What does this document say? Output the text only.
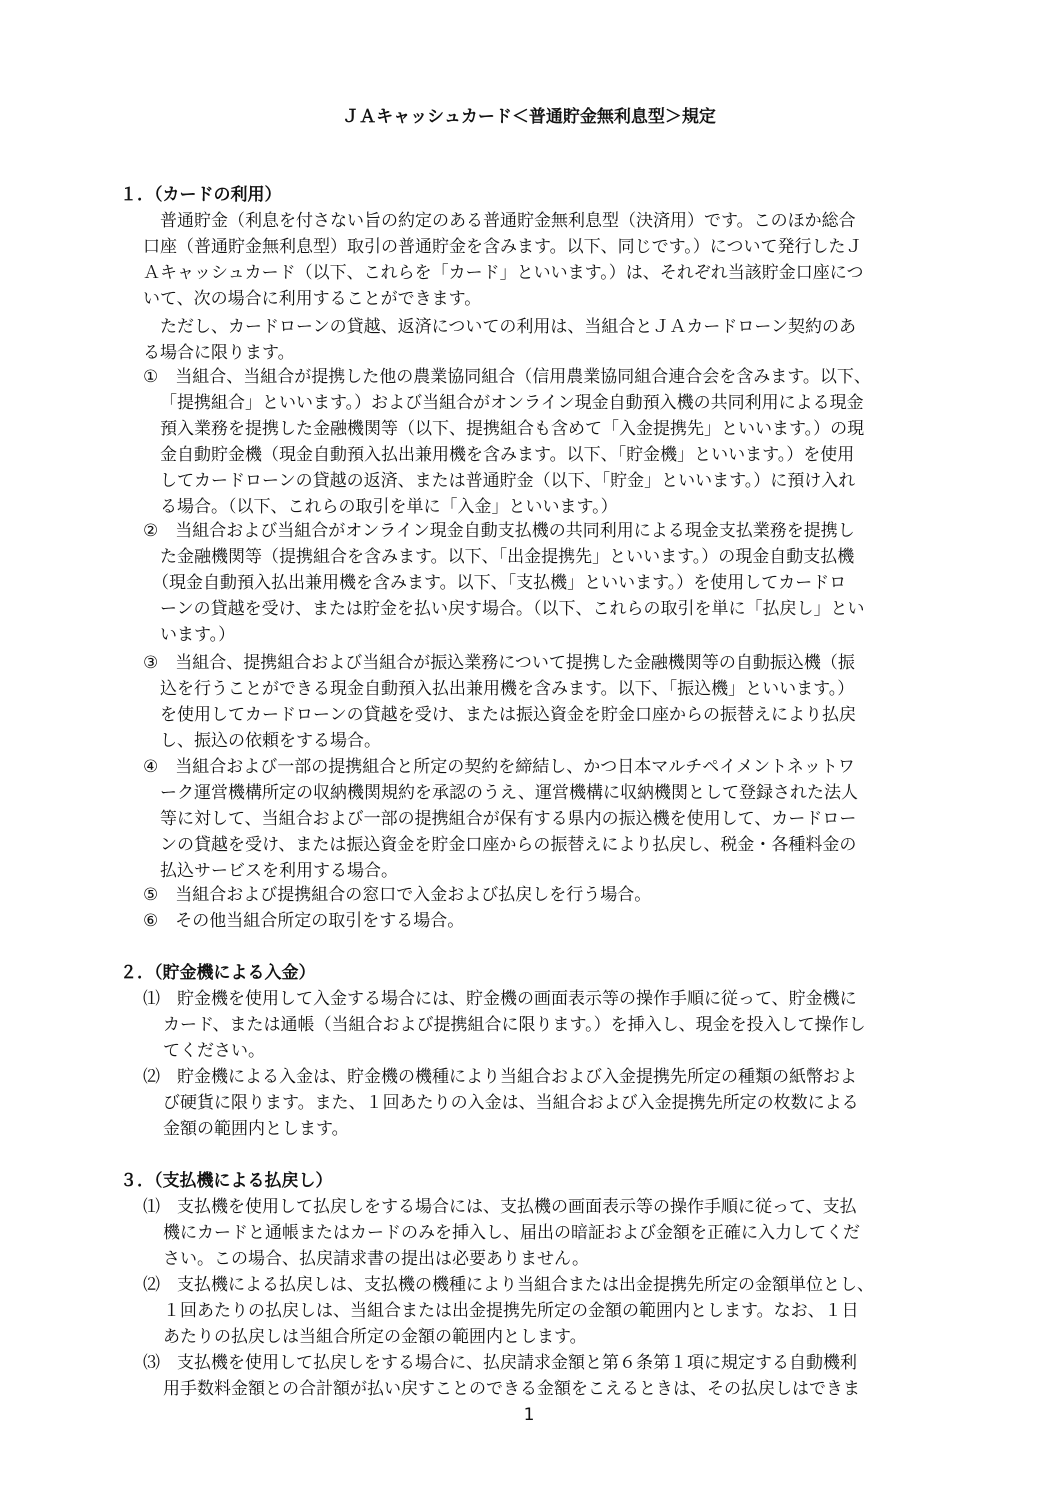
ＪＡキャッシュカード＜普通貯金無利息型＞規定
１．（カードの利用）
普通貯金（利息を付さない旨の約定のある普通貯金無利息型（決済用）です。このほか総合
口座（普通貯金無利息型）取引の普通貯金を含みます。以下、同じです。）について発行したＪ
Ａキャッシュカード（以下、これらを「カード」といいます。）は、それぞれ当該貯金口座につ
いて、次の場合に利用することができます。
ただし、カードローンの貸越、返済についての利用は、当組合とＪＡカードローン契約のあ
る場合に限ります。
①　当組合、当組合が提携した他の農業協同組合（信用農業協同組合連合会を含みます。以下、
「提携組合」といいます。）および当組合がオンライン現金自動預入機の共同利用による現金
預入業務を提携した金融機関等（以下、提携組合も含めて「入金提携先」といいます。）の現
金自動貯金機（現金自動預入払出兼用機を含みます。以下、「貯金機」といいます。）を使用
してカードローンの貸越の返済、または普通貯金（以下、「貯金」といいます。）に預け入れ
る場合。（以下、これらの取引を単に「入金」といいます。）
②　当組合および当組合がオンライン現金自動支払機の共同利用による現金支払業務を提携し
た金融機関等（提携組合を含みます。以下、「出金提携先」といいます。）の現金自動支払機
（現金自動預入払出兼用機を含みます。以下、「支払機」といいます。）を使用してカードロ
ーンの貸越を受け、または貯金を払い戻す場合。（以下、これらの取引を単に「払戻し」とい
います。）
③　当組合、提携組合および当組合が振込業務について提携した金融機関等の自動振込機（振
込を行うことができる現金自動預入払出兼用機を含みます。以下、「振込機」といいます。）
を使用してカードローンの貸越を受け、または振込資金を貯金口座からの振替えにより払戻
し、振込の依頼をする場合。
④　当組合および一部の提携組合と所定の契約を締結し、かつ日本マルチペイメントネットワ
ーク運営機構所定の収納機関規約を承認のうえ、運営機構に収納機関として登録された法人
等に対して、当組合および一部の提携組合が保有する県内の振込機を使用して、カードロー
ンの貸越を受け、または振込資金を貯金口座からの振替えにより払戻し、税金・各種料金の
払込サービスを利用する場合。
⑤　当組合および提携組合の窓口で入金および払戻しを行う場合。
⑥　その他当組合所定の取引をする場合。
２．（貯金機による入金）
⑴　貯金機を使用して入金する場合には、貯金機の画面表示等の操作手順に従って、貯金機に
カード、または通帳（当組合および提携組合に限ります。）を挿入し、現金を投入して操作し
てください。
⑵　貯金機による入金は、貯金機の機種により当組合および入金提携先所定の種類の紙幣およ
び硬貨に限ります。また、１回あたりの入金は、当組合および入金提携先所定の枚数による
金額の範囲内とします。
３．（支払機による払戻し）
⑴　支払機を使用して払戻しをする場合には、支払機の画面表示等の操作手順に従って、支払
機にカードと通帳またはカードのみを挿入し、届出の暗証および金額を正確に入力してくだ
さい。この場合、払戻請求書の提出は必要ありません。
⑵　支払機による払戻しは、支払機の機種により当組合または出金提携先所定の金額単位とし、
１回あたりの払戻しは、当組合または出金提携先所定の金額の範囲内とします。なお、１日
あたりの払戻しは当組合所定の金額の範囲内とします。
⑶　支払機を使用して払戻しをする場合に、払戻請求金額と第６条第１項に規定する自動機利
用手数料金額との合計額が払い戻すことのできる金額をこえるときは、その払戻しはできま
1
